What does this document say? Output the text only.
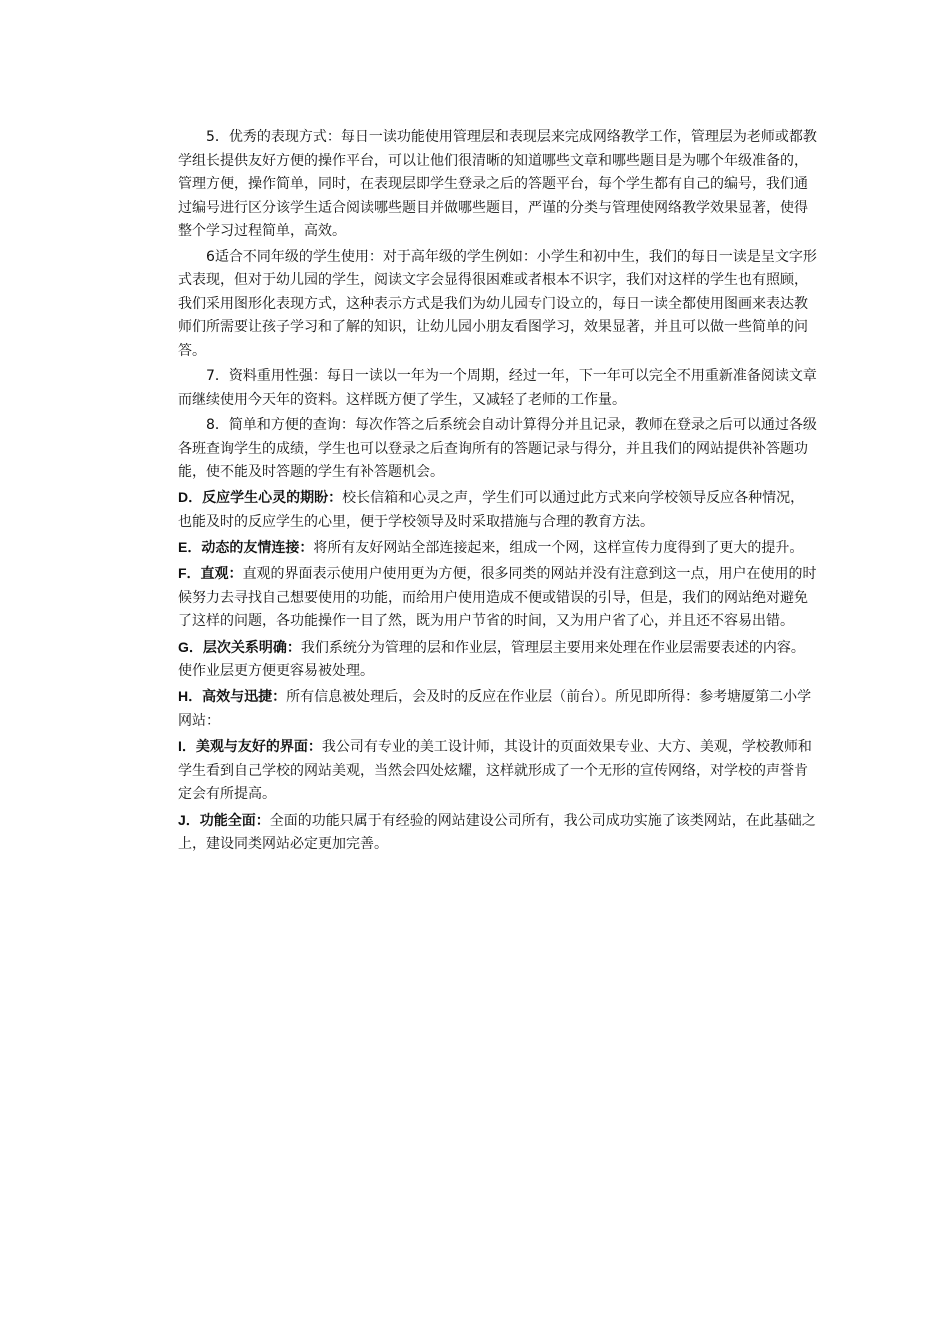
5．优秀的表现方式：每日一读功能使用管理层和表现层来完成网络教学工作，管理层为老师或都教学组长提供友好方便的操作平台，可以让他们很清晰的知道哪些文章和哪些题目是为哪个年级准备的，管理方便，操作简单，同时，在表现层即学生登录之后的答题平台，每个学生都有自己的编号，我们通过编号进行区分该学生适合阅读哪些题目并做哪些题目，严谨的分类与管理使网络教学效果显著，使得整个学习过程简单，高效。

6适合不同年级的学生使用：对于高年级的学生例如：小学生和初中生，我们的每日一读是呈文字形式表现，但对于幼儿园的学生，阅读文字会显得很困难或者根本不识字，我们对这样的学生也有照顾，我们采用图形化表现方式，这种表示方式是我们为幼儿园专门设立的，每日一读全都使用图画来表达教师们所需要让孩子学习和了解的知识，让幼儿园小朋友看图学习，效果显著，并且可以做一些简单的问答。

7．资料重用性强：每日一读以一年为一个周期，经过一年，下一年可以完全不用重新准备阅读文章而继续使用今天年的资料。这样既方便了学生，又减轻了老师的工作量。

8．简单和方便的查询：每次作答之后系统会自动计算得分并且记录，教师在登录之后可以通过各级各班查询学生的成绩，学生也可以登录之后查询所有的答题记录与得分，并且我们的网站提供补答题功能，使不能及时答题的学生有补答题机会。

D．反应学生心灵的期盼：校长信箱和心灵之声，学生们可以通过此方式来向学校领导反应各种情况，也能及时的反应学生的心里，便于学校领导及时采取措施与合理的教育方法。

E．动态的友情连接：将所有友好网站全部连接起来，组成一个网，这样宣传力度得到了更大的提升。

F．直观：直观的界面表示使用户使用更为方便，很多同类的网站并没有注意到这一点，用户在使用的时候努力去寻找自己想要使用的功能，而给用户使用造成不便或错误的引导，但是，我们的网站绝对避免了这样的问题，各功能操作一目了然，既为用户节省的时间，又为用户省了心，并且还不容易出错。

G．层次关系明确：我们系统分为管理的层和作业层，管理层主要用来处理在作业层需要表述的内容。使作业层更方便更容易被处理。

H．高效与迅捷：所有信息被处理后，会及时的反应在作业层（前台）。所见即所得：参考塘厦第二小学网站：

I．美观与友好的界面：我公司有专业的美工设计师，其设计的页面效果专业、大方、美观，学校教师和学生看到自己学校的网站美观，当然会四处炫耀，这样就形成了一个无形的宣传网络，对学校的声誉肯定会有所提高。

J．功能全面：全面的功能只属于有经验的网站建设公司所有，我公司成功实施了该类网站，在此基础之上，建设同类网站必定更加完善。
